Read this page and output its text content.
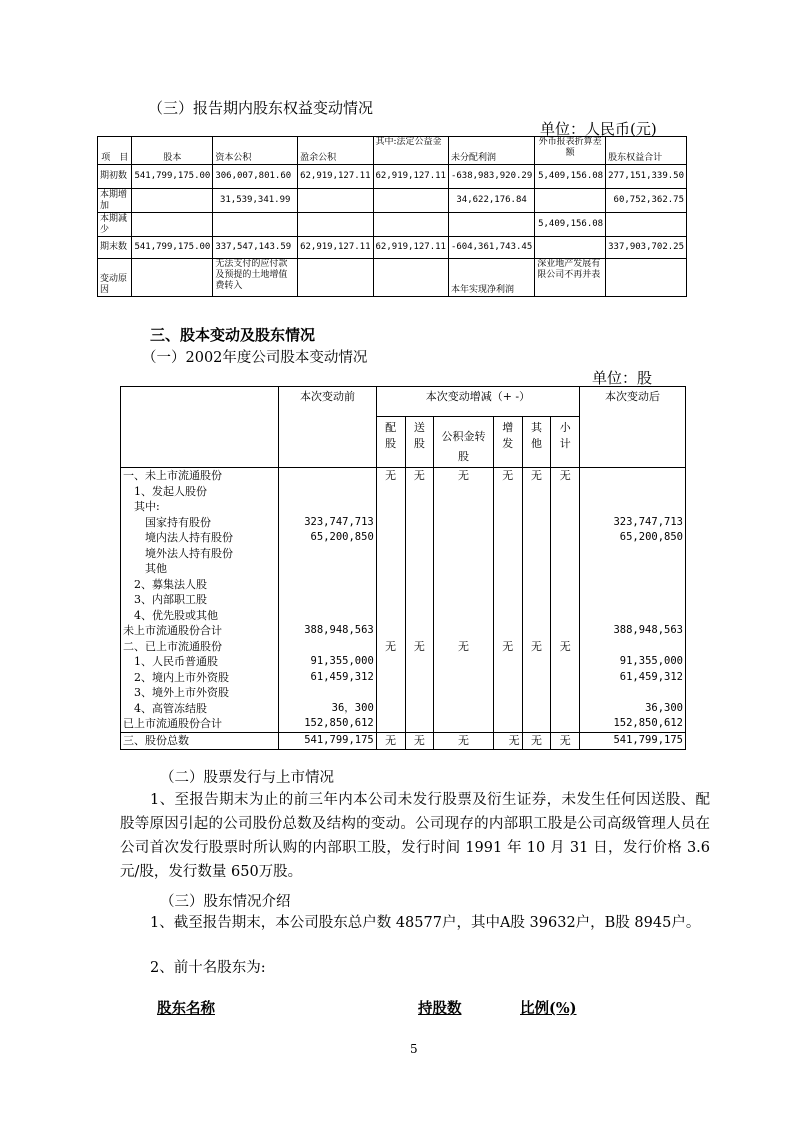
（三）报告期内股东权益变动情况
单位：人民币(元)
项　目	股本	资本公积	盈余公积	其中:法定公益金	未分配利润	外币报表折算差额	股东权益合计
期初数	541,799,175.00	306,007,801.60	62,919,127.11	62,919,127.11	-638,983,920.29	5,409,156.08	277,151,339.50
本期增加		31,539,341.99			34,622,176.84		60,752,362.75
本期减少						5,409,156.08	
期末数	541,799,175.00	337,547,143.59	62,919,127.11	62,919,127.11	-604,361,743.45		337,903,702.25
变动原因		无法支付的应付款及预提的土地增值费转入			本年实现净利润	深业地产发展有限公司不再并表	
三、股本变动及股东情况
（一）2002年度公司股本变动情况
单位：股
	本次变动前	本次变动增减（+ -）						本次变动后

		配股	送股	公积金转股	增发	其他	小计	

一、未上市流通股份		无	无	无	无	无	无	
　1、发起人股份								
　其中:								
　　国家持有股份	323,747,713							323,747,713
　　境内法人持有股份	65,200,850							65,200,850
　　境外法人持有股份								
　　其他								
　2、募集法人股								
　3、内部职工股								
　4、优先股或其他								
未上市流通股份合计	388,948,563							388,948,563
二、已上市流通股份		无	无	无	无	无	无	
　1、人民币普通股	91,355,000							91,355,000
　2、境内上市外资股	61,459,312							61,459,312
　3、境外上市外资股								
　4、高管冻结股	36，300							36,300
已上市流通股份合计	152,850,612							152,850,612
三、股份总数	541,799,175	无	无	无	无	无	无	541,799,175
（二）股票发行与上市情况
1、至报告期末为止的前三年内本公司未发行股票及衍生证券，未发生任何因送股、配股等原因引起的公司股份总数及结构的变动。公司现存的内部职工股是公司高级管理人员在公司首次发行股票时所认购的内部职工股，发行时间 1991 年 10 月 31 日，发行价格 3.6元/股，发行数量 650万股。
（三）股东情况介绍
1、截至报告期末，本公司股东总户数 48577户，其中A股 39632户，B股 8945户。
2、前十名股东为:
股东名称	持股数	比例(%)
5
